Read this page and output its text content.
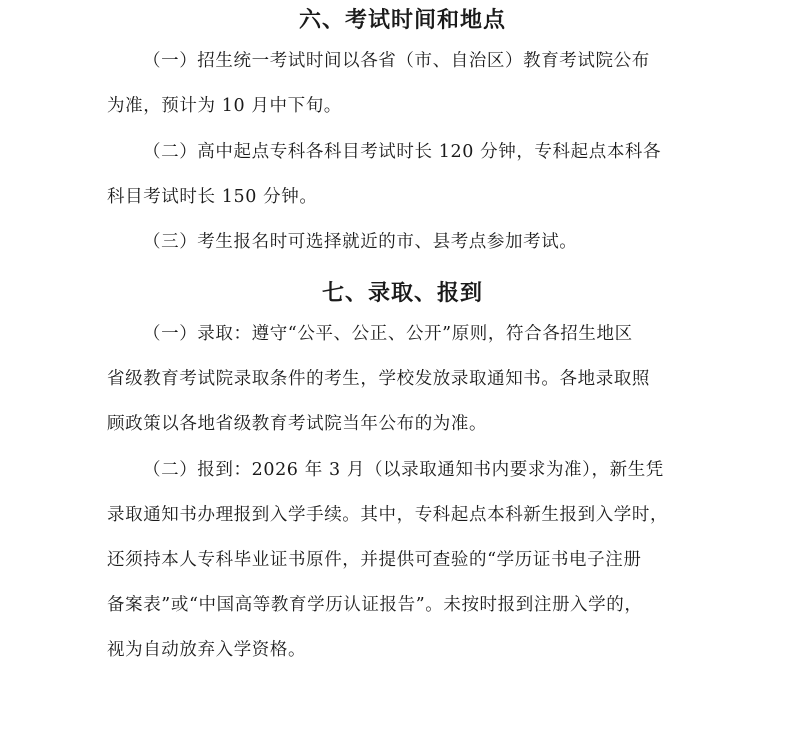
六、考试时间和地点

（一）招生统一考试时间以各省（市、自治区）教育考试院公布

为准，预计为 10 月中下旬。

（二）高中起点专科各科目考试时长 120 分钟，专科起点本科各

科目考试时长 150 分钟。

（三）考生报名时可选择就近的市、县考点参加考试。

七、录取、报到

（一）录取：遵守“公平、公正、公开”原则，符合各招生地区

省级教育考试院录取条件的考生，学校发放录取通知书。各地录取照

顾政策以各地省级教育考试院当年公布的为准。

（二）报到：2026 年 3 月（以录取通知书内要求为准），新生凭

录取通知书办理报到入学手续。其中，专科起点本科新生报到入学时，

还须持本人专科毕业证书原件，并提供可查验的“学历证书电子注册

备案表”或“中国高等教育学历认证报告”。未按时报到注册入学的，

视为自动放弃入学资格。
